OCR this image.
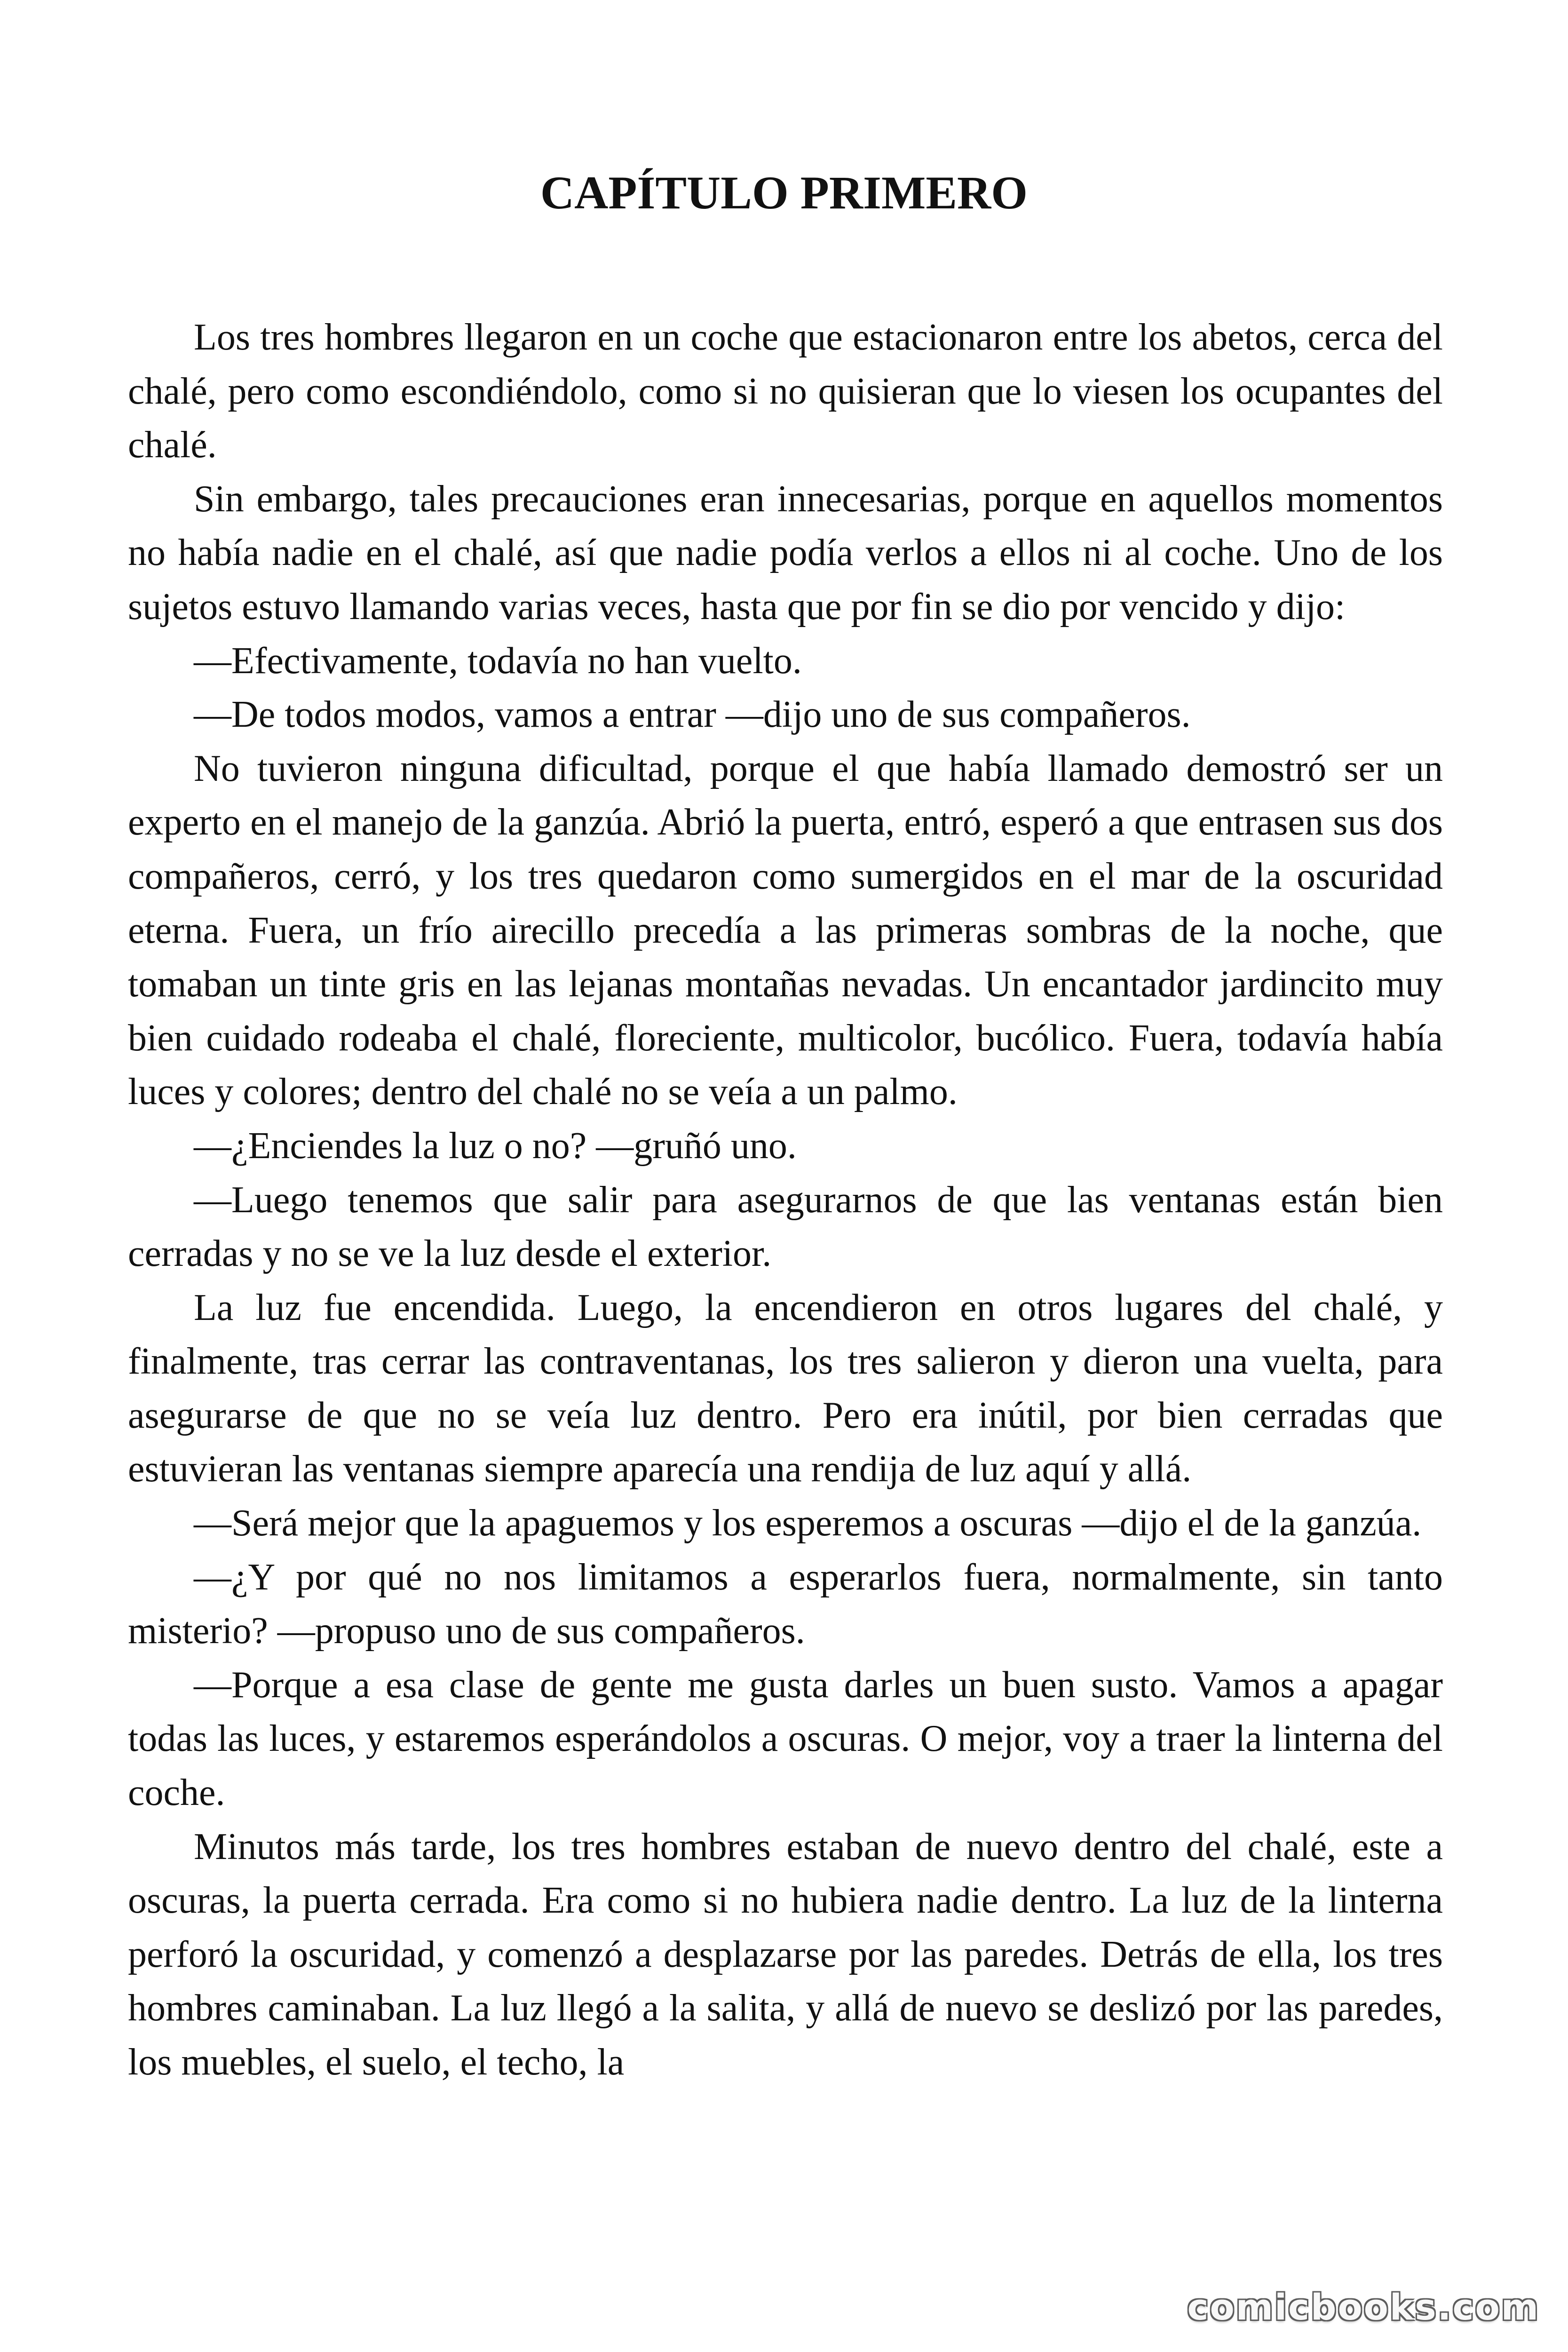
CAPÍTULO PRIMERO

Los tres hombres llegaron en un coche que estacionaron entre los abetos, cerca del chalé, pero como escondiéndolo, como si no quisieran que lo viesen los ocupantes del chalé.

Sin embargo, tales precauciones eran innecesarias, porque en aquellos momentos no había nadie en el chalé, así que nadie podía verlos a ellos ni al coche. Uno de los sujetos estuvo llamando varias veces, hasta que por fin se dio por vencido y dijo:

—Efectivamente, todavía no han vuelto.

—De todos modos, vamos a entrar —dijo uno de sus compañeros.

No tuvieron ninguna dificultad, porque el que había llamado demostró ser un experto en el manejo de la ganzúa. Abrió la puerta, entró, esperó a que entrasen sus dos compañeros, cerró, y los tres quedaron como sumergidos en el mar de la oscuridad eterna. Fuera, un frío airecillo precedía a las primeras sombras de la noche, que tomaban un tinte gris en las lejanas montañas nevadas. Un encantador jardincito muy bien cuidado rodeaba el chalé, floreciente, multicolor, bucólico. Fuera, todavía había luces y colores; dentro del chalé no se veía a un palmo.

—¿Enciendes la luz o no? —gruñó uno.

—Luego tenemos que salir para asegurarnos de que las ventanas están bien cerradas y no se ve la luz desde el exterior.

La luz fue encendida. Luego, la encendieron en otros lugares del chalé, y finalmente, tras cerrar las contraventanas, los tres salieron y dieron una vuelta, para asegurarse de que no se veía luz dentro. Pero era inútil, por bien cerradas que estuvieran las ventanas siempre aparecía una rendija de luz aquí y allá.

—Será mejor que la apaguemos y los esperemos a oscuras —dijo el de la ganzúa.

—¿Y por qué no nos limitamos a esperarlos fuera, normalmente, sin tanto misterio? —propuso uno de sus compañeros.

—Porque a esa clase de gente me gusta darles un buen susto. Vamos a apagar todas las luces, y estaremos esperándolos a oscuras. O mejor, voy a traer la linterna del coche.

Minutos más tarde, los tres hombres estaban de nuevo dentro del chalé, este a oscuras, la puerta cerrada. Era como si no hubiera nadie dentro. La luz de la linterna perforó la oscuridad, y comenzó a desplazarse por las paredes. Detrás de ella, los tres hombres caminaban. La luz llegó a la salita, y allá de nuevo se deslizó por las paredes, los muebles, el suelo, el techo, la

comicbooks.com
